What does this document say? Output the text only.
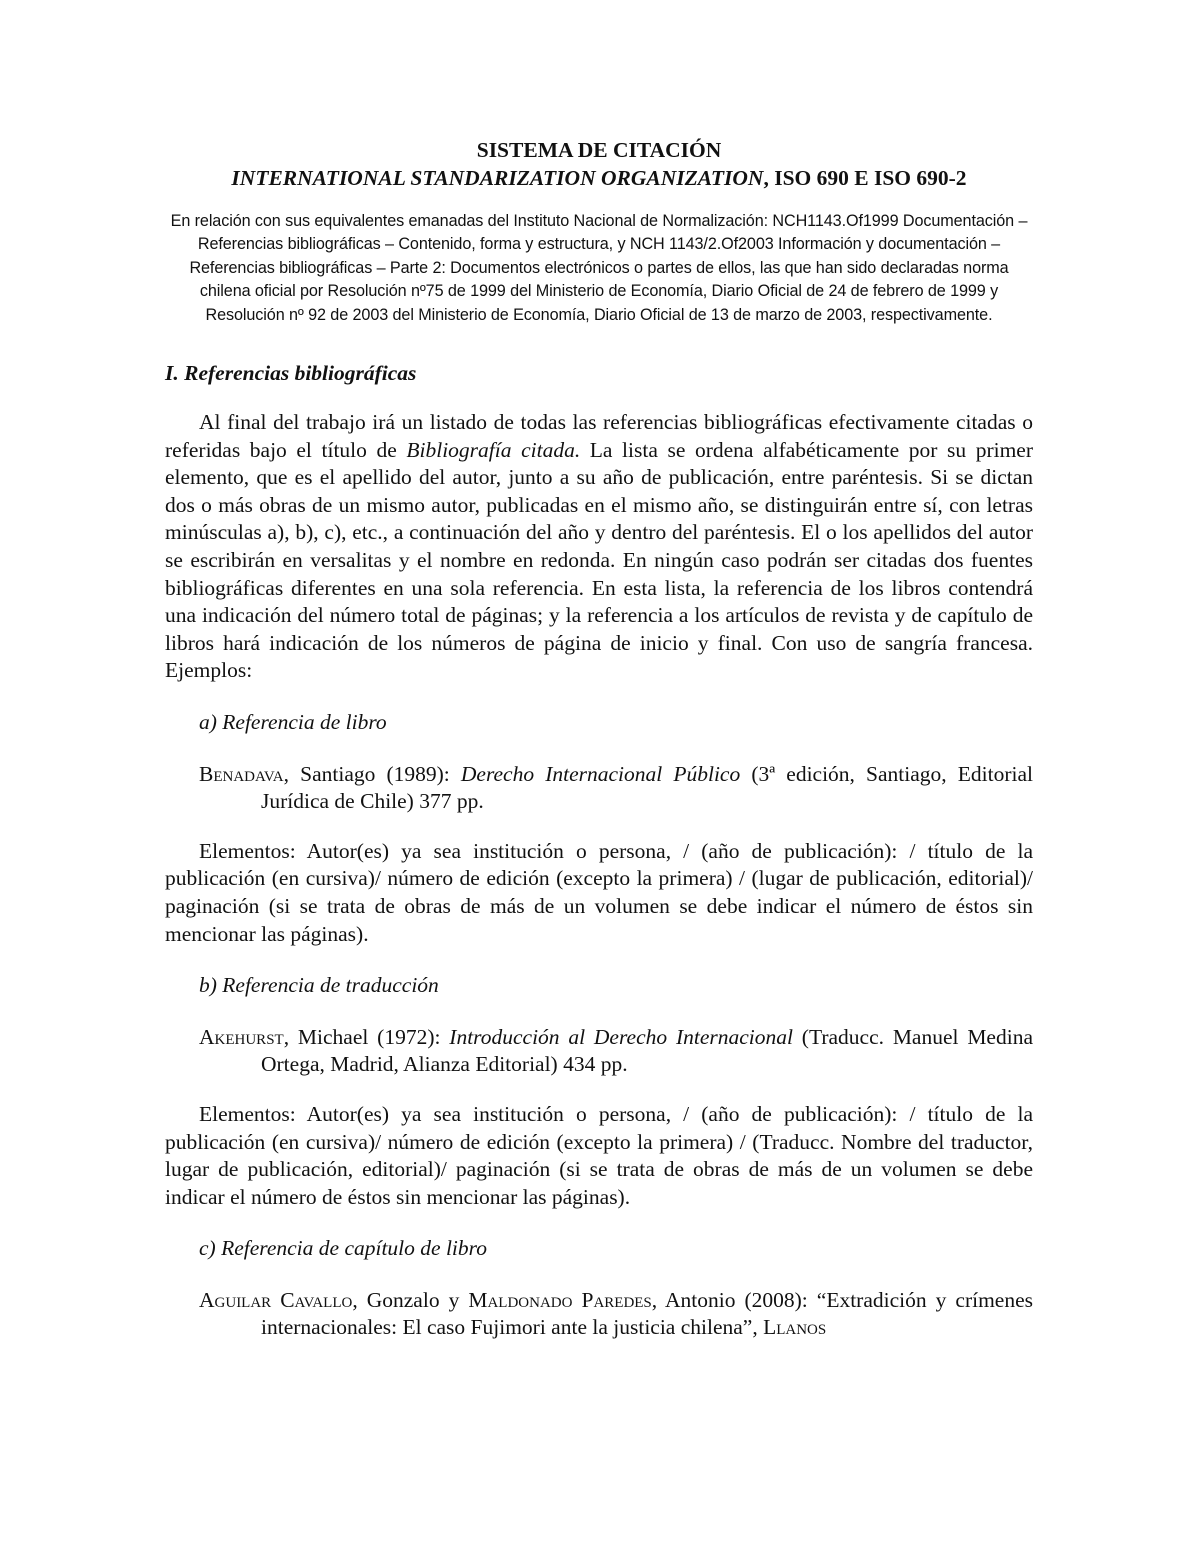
SISTEMA DE CITACIÓN

INTERNATIONAL STANDARIZATION ORGANIZATION, ISO 690 E ISO 690-2

En relación con sus equivalentes emanadas del Instituto Nacional de Normalización: NCH1143.Of1999 Documentación – Referencias bibliográficas – Contenido, forma y estructura, y NCH 1143/2.Of2003 Información y documentación – Referencias bibliográficas – Parte 2: Documentos electrónicos o partes de ellos, las que han sido declaradas norma chilena oficial por Resolución nº75 de 1999 del Ministerio de Economía, Diario Oficial de 24 de febrero de 1999 y Resolución nº 92 de 2003 del Ministerio de Economía, Diario Oficial de 13 de marzo de 2003, respectivamente.

I. Referencias bibliográficas

Al final del trabajo irá un listado de todas las referencias bibliográficas efectivamente citadas o referidas bajo el título de Bibliografía citada. La lista se ordena alfabéticamente por su primer elemento, que es el apellido del autor, junto a su año de publicación, entre paréntesis. Si se dictan dos o más obras de un mismo autor, publicadas en el mismo año, se distinguirán entre sí, con letras minúsculas a), b), c), etc., a continuación del año y dentro del paréntesis. El o los apellidos del autor se escribirán en versalitas y el nombre en redonda. En ningún caso podrán ser citadas dos fuentes bibliográficas diferentes en una sola referencia. En esta lista, la referencia de los libros contendrá una indicación del número total de páginas; y la referencia a los artículos de revista y de capítulo de libros hará indicación de los números de página de inicio y final. Con uso de sangría francesa. Ejemplos:

a) Referencia de libro

Benadava, Santiago (1989): Derecho Internacional Público (3ª edición, Santiago, Editorial Jurídica de Chile) 377 pp.

Elementos: Autor(es) ya sea institución o persona, / (año de publicación): / título de la publicación (en cursiva)/ número de edición (excepto la primera) / (lugar de publicación, editorial)/ paginación (si se trata de obras de más de un volumen se debe indicar el número de éstos sin mencionar las páginas).

b) Referencia de traducción

Akehurst, Michael (1972): Introducción al Derecho Internacional (Traducc. Manuel Medina Ortega, Madrid, Alianza Editorial) 434 pp.

Elementos: Autor(es) ya sea institución o persona, / (año de publicación): / título de la publicación (en cursiva)/ número de edición (excepto la primera) / (Traducc. Nombre del traductor, lugar de publicación, editorial)/ paginación (si se trata de obras de más de un volumen se debe indicar el número de éstos sin mencionar las páginas).

c) Referencia de capítulo de libro

Aguilar Cavallo, Gonzalo y Maldonado Paredes, Antonio (2008): “Extradición y crímenes internacionales: El caso Fujimori ante la justicia chilena”, Llanos
